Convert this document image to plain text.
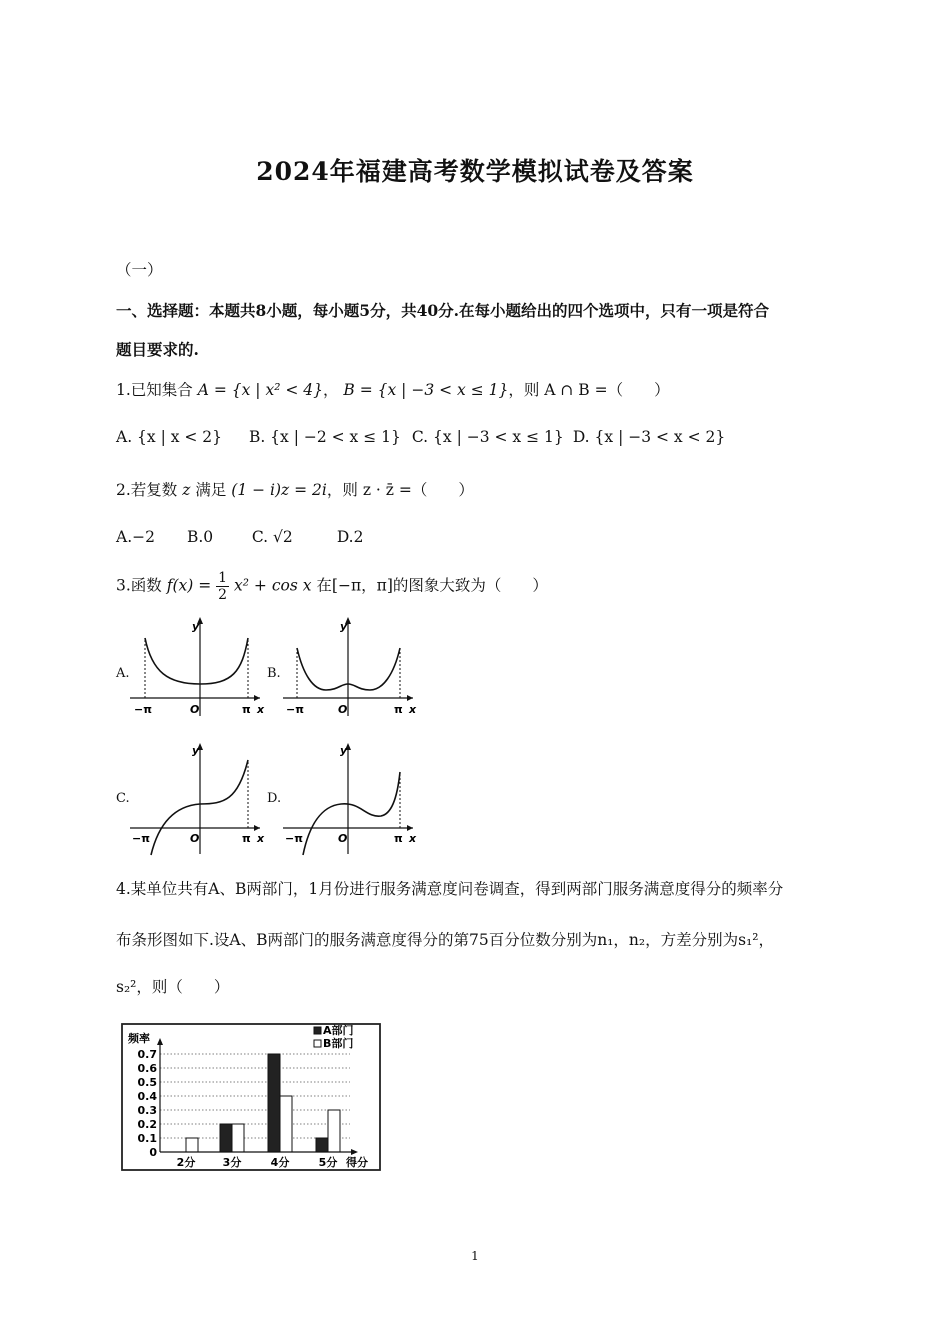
2024年福建高考数学模拟试卷及答案
（一）
一、选择题：本题共8小题，每小题5分，共40分.在每小题给出的四个选项中，只有一项是符合
题目要求的.
1.已知集合 A = {x | x² < 4}， B = {x | −3 < x ≤ 1}，则 A ∩ B =（　　）
A. {x | x < 2} B. {x | −2 < x ≤ 1} C. {x | −3 < x ≤ 1} D. {x | −3 < x < 2}
2.若复数 z 满足 (1 − i)z = 2i，则 z · z̄ =（　　）
A.−2 B.0	C. √2	D.2
3.函数 $f(x) = \frac{1}{2} x^2 + \cos x$ 在[−π，π]的图象大致为（　　）
A.	B.
C.	D.
y
O
−π	π x
y
O
−π	π x
y
O
−π	π x
y
O
−π	π x
4.某单位共有A、B两部门，1月份进行服务满意度问卷调查，得到两部门服务满意度得分的频率分
布条形图如下.设A、B两部门的服务满意度得分的第75百分位数分别为n₁，n₂，方差分别为s₁²，
s₂²，则（　　）
0
0.1
0.2
0.3
0.4
0.5
0.6
0.7
2分 3分	4分	5分
频率
得分
A部门
B部门
1
